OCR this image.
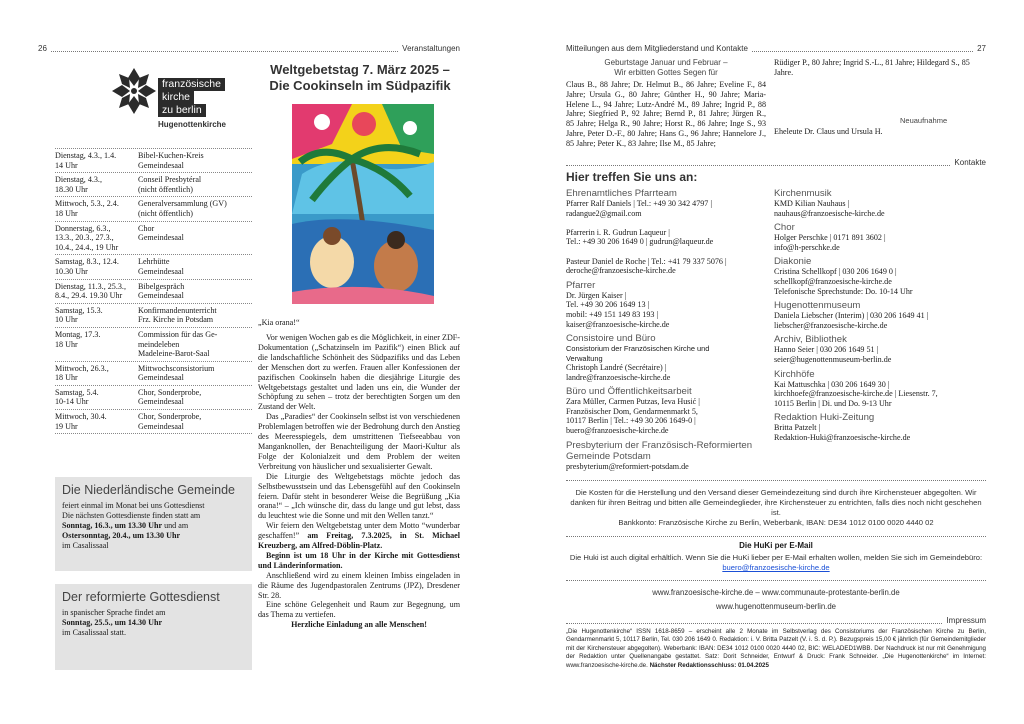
26	Veranstaltungen
französische
kirche
zu berlin
Hugenottenkirche
Dienstag, 4.3., 1.4.
14 Uhr
Bibel-Kuchen-Kreis
Gemeindesaal
Dienstag, 4.3.,
18.30 Uhr
Conseil Presbytéral
(nicht öffentlich)
Mittwoch, 5.3., 2.4.
18 Uhr
Generalversammlung (GV)
(nicht öffentlich)
Donnerstag, 6.3.,
13.3., 20.3., 27.3.,
10.4., 24.4., 19 Uhr
Chor
Gemeindesaal
Samstag, 8.3., 12.4.
10.30 Uhr
Lehrhütte
Gemeindesaal
Dienstag, 11.3., 25.3.,
8.4., 29.4. 19.30 Uhr
Bibelgespräch
Gemeindesaal
Samstag, 15.3.
10 Uhr
Konfirmandenunterricht
Frz. Kirche in Potsdam
Montag, 17.3.
18 Uhr
Commission für das Ge-
meindeleben
Madeleine-Barot-Saal
Mittwoch, 26.3.,
18 Uhr
Mittwochsconsistorium
Gemeindesaal
Samstag, 5.4.
10-14 Uhr
Chor, Sonderprobe,
Gemeindesaal
Mittwoch, 30.4.
19 Uhr
Chor, Sonderprobe,
Gemeindesaal
Die Niederländische Gemeinde

feiert einmal im Monat bei uns Gottesdienst
Die nächsten Gottesdienste finden statt am
Sonntag, 16.3., um 13.30 Uhr und am
Ostersonntag, 20.4., um 13.30 Uhr
im Casalissaal

Der reformierte Gottesdienst

in spanischer Sprache findet am
Sonntag, 25.5., um 14.30 Uhr
im Casalissaal statt.

Weltgebetstag 7. März 2025 –
Die Cookinseln im Südpazifik
„Kia orana!“

Vor wenigen Wochen gab es die Möglichkeit, in einer ZDF-Dokumentation („Schatzinseln im Pazifik“) einen Blick auf die landschaftliche Schönheit des Südpazifiks und das Leben der Menschen dort zu werfen. Frauen aller Konfessionen der pazifischen Cookinseln haben die diesjährige Liturgie des Weltgebetstags gestaltet und laden uns ein, die Wunder der Schöpfung zu sehen – trotz der berechtigten Sorgen um den Zustand der Welt.

Das „Paradies“ der Cookinseln selbst ist von verschiedenen Problemlagen betroffen wie der Bedrohung durch den Anstieg des Meeresspiegels, dem umstrittenen Tiefseeabbau von Manganknollen, der Benachteiligung der Maori-Kultur als Folge der Kolonialzeit und dem Problem der weiten Verbreitung von häuslicher und sexualisierter Gewalt.

Die Liturgie des Weltgebetstags möchte jedoch das Selbstbewusstsein und das Lebensgefühl auf den Cookinseln feiern. Dafür steht in besonderer Weise die Begrüßung „Kia orana!“ – „Ich wünsche dir, dass du lange und gut lebst, dass du leuchtest wie die Sonne und mit den Wellen tanzt.“

Wir feiern den Weltgebetstag unter dem Motto “wunderbar geschaffen!” am Freitag, 7.3.2025, in St. Michael Kreuzberg, am Alfred-Döblin-Platz.

Beginn ist um 18 Uhr in der Kirche mit Gottesdienst und Länderinformation.

Anschließend wird zu einem kleinen Imbiss eingeladen in die Räume des Jugendpastoralen Zentrums (JPZ), Dresdener Str. 28.

Eine schöne Gelegenheit und Raum zur Begegnung, um das Thema zu vertiefen.

Herzliche Einladung an alle Menschen!

Mitteilungen aus dem Mitgliederstand und Kontakte	27
Geburtstage Januar und Februar –
Wir erbitten Gottes Segen für
Claus B., 88 Jahre; Dr. Helmut B., 86 Jahre; Eveline F., 84 Jahre; Ursula G., 80 Jahre; Günther H., 90 Jahre; Maria-Helene L., 94 Jahre; Lutz-André M., 89 Jahre; Ingrid P., 88 Jahre; Siegfried P., 92 Jahre; Bernd P., 81 Jahre; Jürgen R., 85 Jahre; Helga R., 90 Jahre; Horst R., 86 Jahre; Inge S., 93 Jahre, Peter D.-F., 80 Jahre; Hans G., 96 Jahre; Hannelore J., 85 Jahre; Peter K., 83 Jahre; Ilse M., 85 Jahre;
Rüdiger P., 80 Jahre; Ingrid S.-L., 81 Jahre; Hildegard S., 85 Jahre.
Neuaufnahme
Eheleute Dr. Claus und Ursula H.
Kontakte
Hier treffen Sie uns an:
Ehrenamtliches Pfarrteam
Pfarrer Ralf Daniels | Tel.: +49 30 342 4797 |
radangue2@gmail.com

Pfarrerin i. R. Gudrun Laqueur |
Tel.: +49 30 206 1649 0 | gudrun@laqueur.de

Pasteur Daniel de Roche | Tel.: +41 79 337 5076 |
deroche@franzoesische-kirche.de
Pfarrer
Dr. Jürgen Kaiser |
Tel. +49 30 206 1649 13 |
mobil: +49 151 149 83 193 |
kaiser@franzoesische-kirche.de
Consistoire und Büro
Consistorium der Französischen Kirche und
Verwaltung
Christoph Landré (Secrétaire) |
landre@franzoesische-kirche.de
Büro und Öffentlichkeitsarbeit
Zara Müller, Carmen Putzas, Ieva Husić |
Französischer Dom, Gendarmenmarkt 5,
10117 Berlin | Tel.: +49 30 206 1649-0 |
buero@franzoesische-kirche.de
Presbyterium der Französisch-Reformierten
Gemeinde Potsdam
presbyterium@reformiert-potsdam.de
Kirchenmusik
KMD Kilian Nauhaus |
nauhaus@franzoesische-kirche.de
Chor
Holger Perschke | 0171 891 3602 |
info@h-perschke.de
Diakonie
Cristina Schellkopf | 030 206 1649 0 |
schellkopf@franzoesische-kirche.de
Telefonische Sprechstunde: Do. 10-14 Uhr
Hugenottenmuseum
Daniela Liebscher (Interim) | 030 206 1649 41 |
liebscher@franzoesische-kirche.de
Archiv, Bibliothek
Hanno Seier | 030 206 1649 51 |
seier@hugenottenmuseum-berlin.de
Kirchhöfe
Kai Mattuschka | 030 206 1649 30 |
kirchhoefe@franzoesische-kirche.de | Liesenstr. 7,
10115 Berlin | Di. und Do. 9-13 Uhr
Redaktion Huki-Zeitung
Britta Patzelt |
Redaktion-Huki@franzoesische-kirche.de
Die Kosten für die Herstellung und den Versand dieser Gemeindezeitung sind durch ihre Kirchensteuer abgegolten. Wir danken für ihren Beitrag und bitten alle Gemeindeglieder, ihre Kirchensteuer zu entrichten, falls dies noch nicht geschehen ist.
Bankkonto: Französische Kirche zu Berlin, Weberbank, IBAN: DE34 1012 0100 0020 4440 02
Die HuKi per E-Mail
Die Huki ist auch digital erhältlich. Wenn Sie die HuKi lieber per E-Mail erhalten wollen, melden Sie sich im Gemeindebüro: buero@franzoesische-kirche.de
www.franzoesische-kirche.de – www.communaute-protestante-berlin.de
www.hugenottenmuseum-berlin.de
Impressum
„Die Hugenottenkirche“ ISSN 1618-8659 – erscheint alle 2 Monate im Selbstverlag des Consistoriums der Französischen Kirche zu Berlin, Gendarmenmarkt 5, 10117 Berlin, Tel. 030 206 1649 0. Redaktion: i. V. Britta Patzelt (V. i. S. d. P.). Bezugspreis 15,00 € jährlich (für Gemeindemitglieder mit der Kirchensteuer abgegolten). Weberbank: IBAN: DE34 1012 0100 0020 4440 02, BIC: WELADED1WBB. Der Nachdruck ist nur mit Genehmigung der Redaktion unter Quellenangabe gestattet. Satz: Dorit Schneider, Entwurf & Druck: Frank Schneider. „Die Hugenottenkirche“ im Internet: www.franzoesische-kirche.de. Nächster Redaktionsschluss: 01.04.2025
